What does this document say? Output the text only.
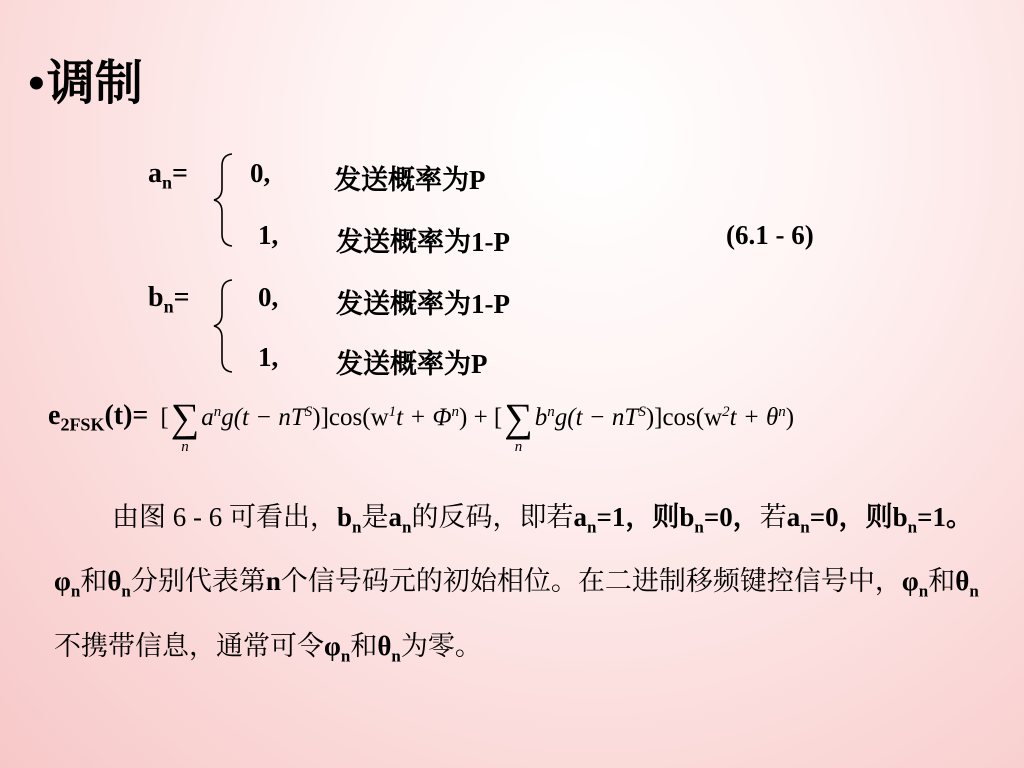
•调制
$a_n= 0$, 发送概率为P
1, 发送概率为1-P	(6.1 - 6)
$b_n=$	0, 发送概率为1-P
1, 发送概率为P
$e_{2FSK}(t)=$ [ ∑
n
$a^n$ $g(t - nT^S$ )]$\cos(w^1$ $t + \Phi^n$ ) + [ ∑
n
$b^n$ $g(t - nT^S$ )]$\cos(w^2$ $t + \theta^n$ )
由图 6 - 6 可看出，$b_n$是$a_n$的反码，即若$a_n=1$，则$b_n=0$，若$a_n=0$，则$b_n=1$。$\varphi_n$和$\theta_n$分别代表第n个信号码元的初始相位。在二进制移频键控信号中，$\varphi_n$和$\theta_n$不携带信息，通常可令$\varphi_n$和$\theta_n$为零。
